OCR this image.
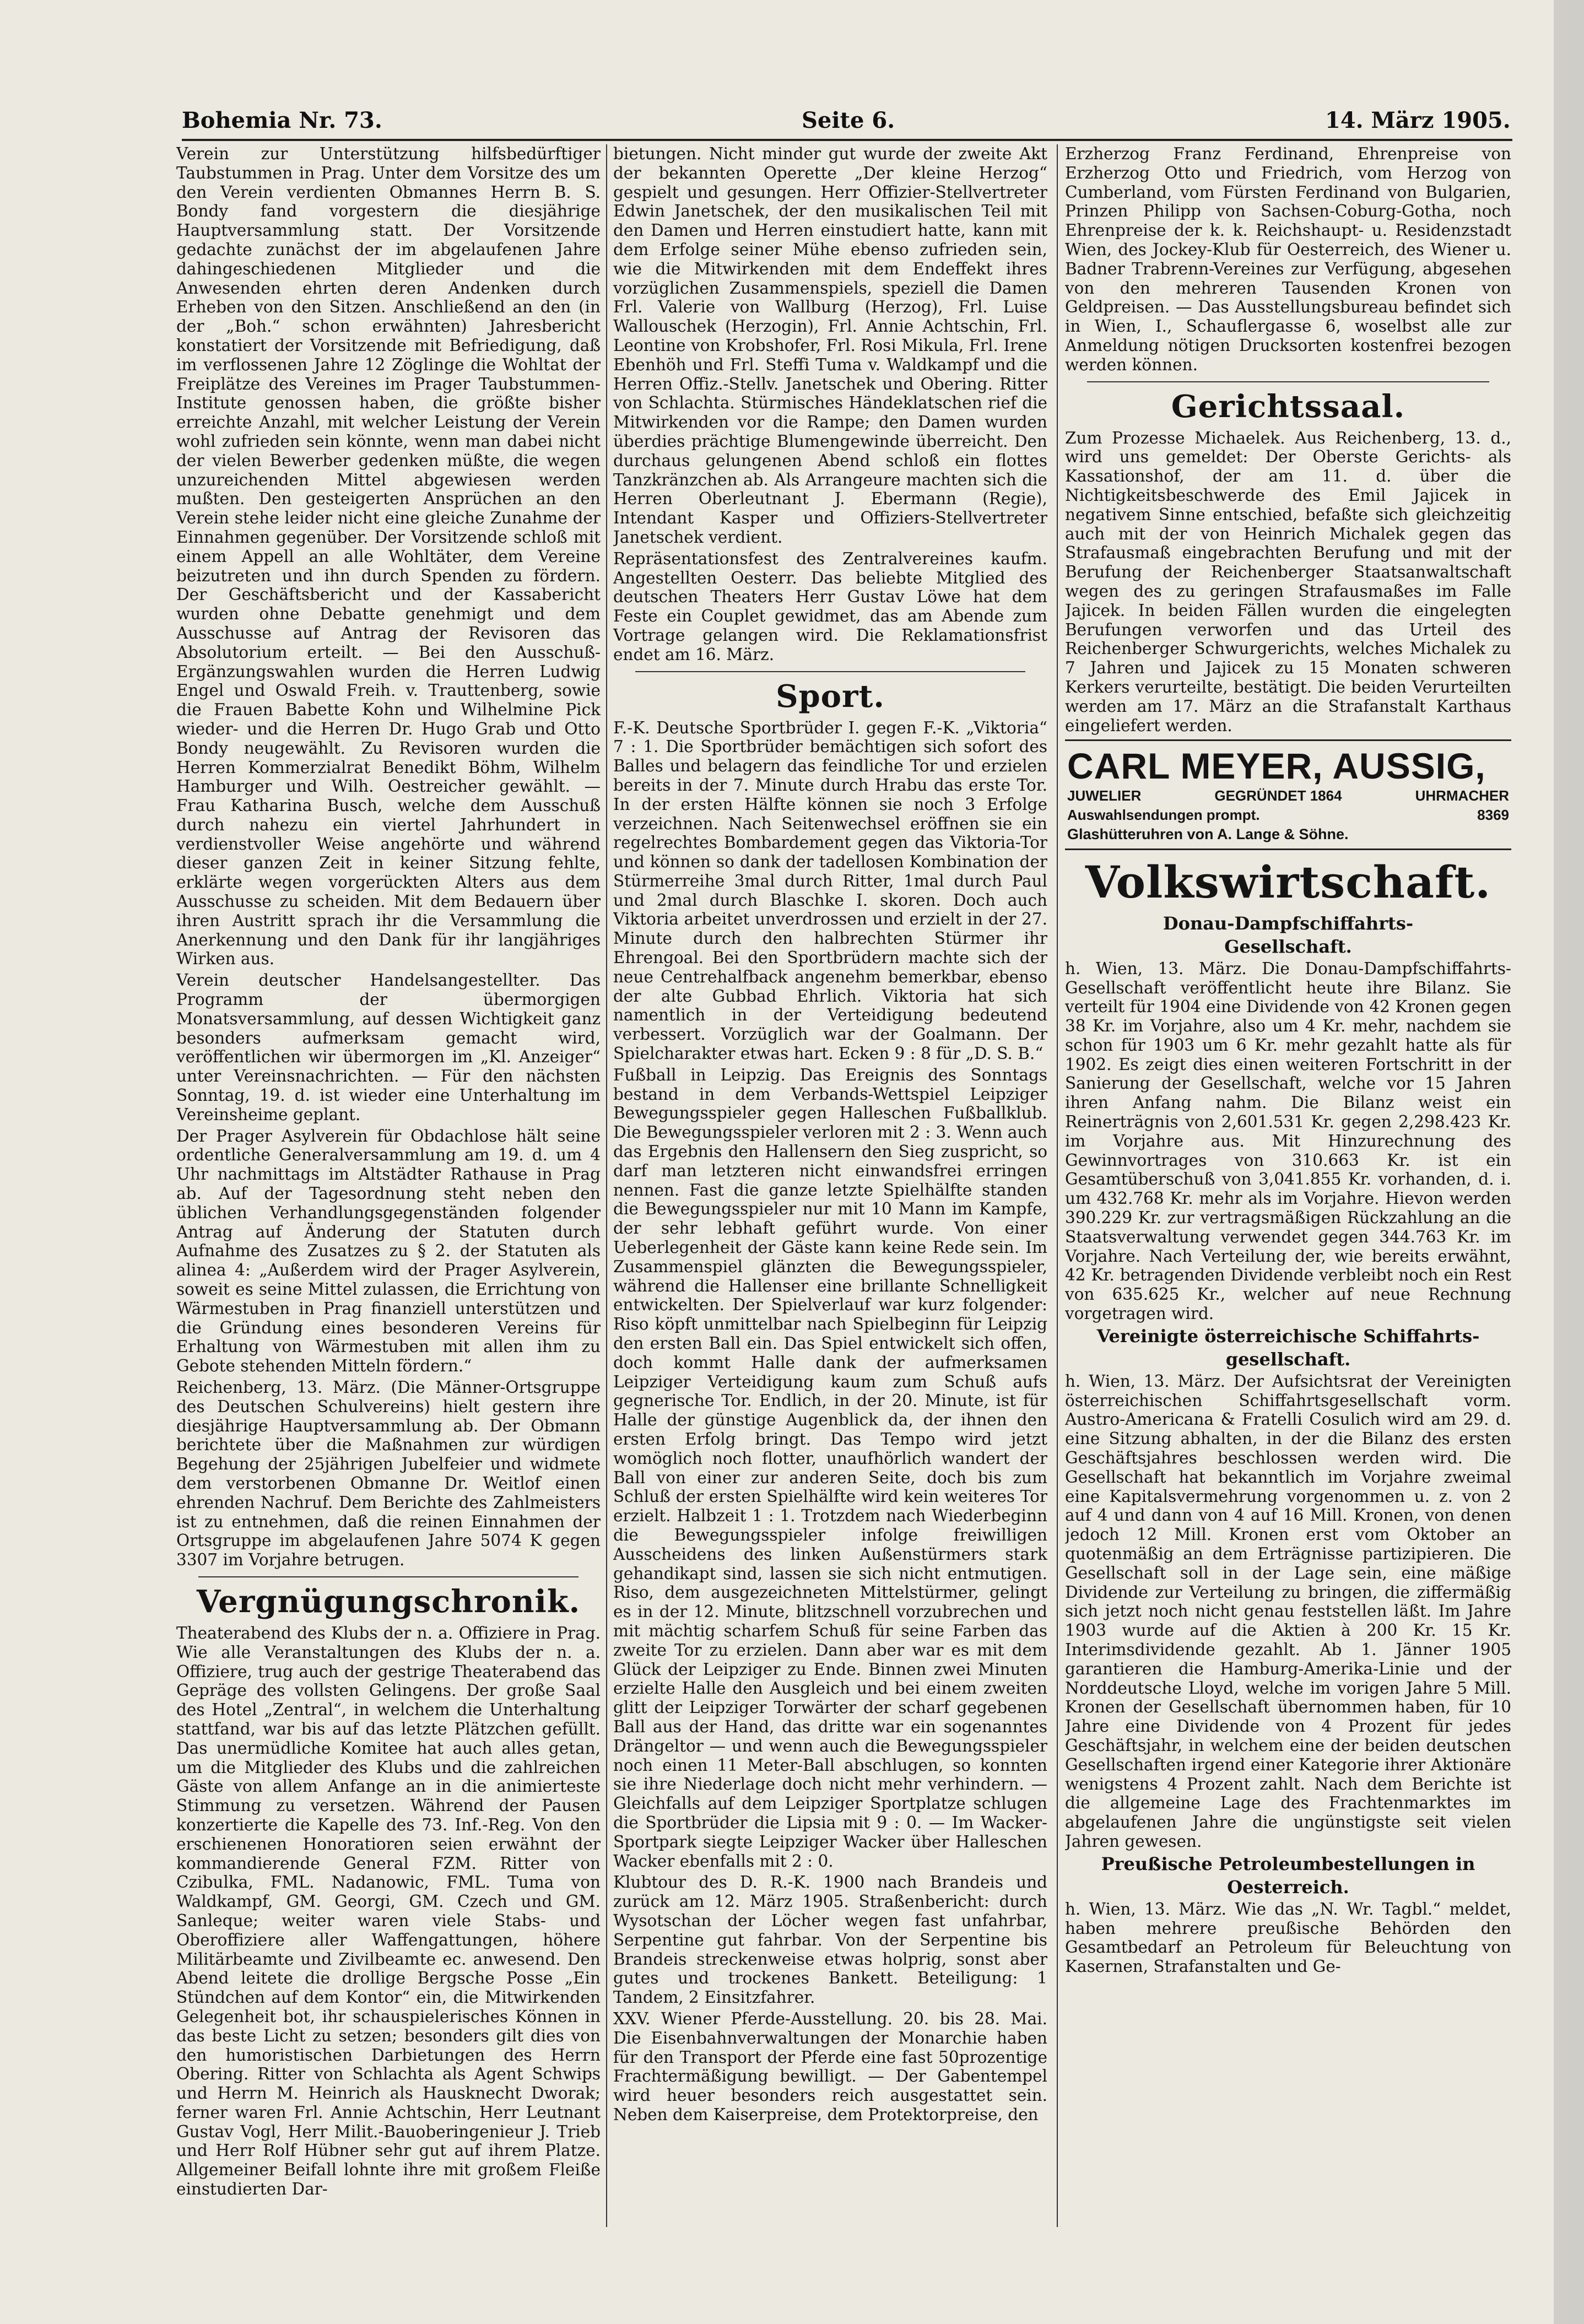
Bohemia Nr. 73.	Seite 6.	14. März 1905.

Verein zur Unterstützung hilfsbedürftiger Taubstummen in Prag. Unter dem Vorsitze des um den Verein verdienten Obmannes Herrn B. S. Bondy fand vorgestern die diesjährige Hauptversammlung statt. Der Vorsitzende gedachte zunächst der im abgelaufenen Jahre dahingeschiedenen Mitglieder und die Anwesenden ehrten deren Andenken durch Erheben von den Sitzen. Anschließend an den (in der „Boh.“ schon erwähnten) Jahresbericht konstatiert der Vorsitzende mit Befriedigung, daß im verflossenen Jahre 12 Zöglinge die Wohltat der Freiplätze des Vereines im Prager Taubstummen-Institute genossen haben, die größte bisher erreichte Anzahl, mit welcher Leistung der Verein wohl zufrieden sein könnte, wenn man dabei nicht der vielen Bewerber gedenken müßte, die wegen unzureichenden Mittel abgewiesen werden mußten. Den gesteigerten Ansprüchen an den Verein stehe leider nicht eine gleiche Zunahme der Einnahmen gegenüber. Der Vorsitzende schloß mit einem Appell an alle Wohltäter, dem Vereine beizutreten und ihn durch Spenden zu fördern. Der Geschäftsbericht und der Kassabericht wurden ohne Debatte genehmigt und dem Ausschusse auf Antrag der Revisoren das Absolutorium erteilt. — Bei den Ausschuß-Ergänzungswahlen wurden die Herren Ludwig Engel und Oswald Freih. v. Trauttenberg, sowie die Frauen Babette Kohn und Wilhelmine Pick wieder- und die Herren Dr. Hugo Grab und Otto Bondy neugewählt. Zu Revisoren wurden die Herren Kommerzialrat Benedikt Böhm, Wilhelm Hamburger und Wilh. Oestreicher gewählt. — Frau Katharina Busch, welche dem Ausschuß durch nahezu ein viertel Jahrhundert in verdienstvoller Weise angehörte und während dieser ganzen Zeit in keiner Sitzung fehlte, erklärte wegen vorgerückten Alters aus dem Ausschusse zu scheiden. Mit dem Bedauern über ihren Austritt sprach ihr die Versammlung die Anerkennung und den Dank für ihr langjähriges Wirken aus.

Verein deutscher Handelsangestellter. Das Programm der übermorgigen Monatsversammlung, auf dessen Wichtigkeit ganz besonders aufmerksam gemacht wird, veröffentlichen wir übermorgen im „Kl. Anzeiger“ unter Vereinsnachrichten. — Für den nächsten Sonntag, 19. d. ist wieder eine Unterhaltung im Vereinsheime geplant.

Der Prager Asylverein für Obdachlose hält seine ordentliche Generalversammlung am 19. d. um 4 Uhr nachmittags im Altstädter Rathause in Prag ab. Auf der Tagesordnung steht neben den üblichen Verhandlungsgegenständen folgender Antrag auf Änderung der Statuten durch Aufnahme des Zusatzes zu § 2. der Statuten als alinea 4: „Außerdem wird der Prager Asylverein, soweit es seine Mittel zulassen, die Errichtung von Wärmestuben in Prag finanziell unterstützen und die Gründung eines besonderen Vereins für Erhaltung von Wärmestuben mit allen ihm zu Gebote stehenden Mitteln fördern.“

Reichenberg, 13. März. (Die Männer-Ortsgruppe des Deutschen Schulvereins) hielt gestern ihre diesjährige Hauptversammlung ab. Der Obmann berichtete über die Maßnahmen zur würdigen Begehung der 25jährigen Jubelfeier und widmete dem verstorbenen Obmanne Dr. Weitlof einen ehrenden Nachruf. Dem Berichte des Zahlmeisters ist zu entnehmen, daß die reinen Einnahmen der Ortsgruppe im abgelaufenen Jahre 5074 K gegen 3307 im Vorjahre betrugen.

Vergnügungschronik.

Theaterabend des Klubs der n. a. Offiziere in Prag. Wie alle Veranstaltungen des Klubs der n. a. Offiziere, trug auch der gestrige Theaterabend das Gepräge des vollsten Gelingens. Der große Saal des Hotel „Zentral“, in welchem die Unterhaltung stattfand, war bis auf das letzte Plätzchen gefüllt. Das unermüdliche Komitee hat auch alles getan, um die Mitglieder des Klubs und die zahlreichen Gäste von allem Anfange an in die animierteste Stimmung zu versetzen. Während der Pausen konzertierte die Kapelle des 73. Inf.-Reg. Von den erschienenen Honoratioren seien erwähnt der kommandierende General FZM. Ritter von Czibulka, FML. Nadanowic, FML. Tuma von Waldkampf, GM. Georgi, GM. Czech und GM. Sanleque; weiter waren viele Stabs- und Oberoffiziere aller Waffengattungen, höhere Militärbeamte und Zivilbeamte ec. anwesend. Den Abend leitete die drollige Bergsche Posse „Ein Stündchen auf dem Kontor“ ein, die Mitwirkenden Gelegenheit bot, ihr schauspielerisches Können in das beste Licht zu setzen; besonders gilt dies von den humoristischen Darbietungen des Herrn Obering. Ritter von Schlachta als Agent Schwips und Herrn M. Heinrich als Hausknecht Dworak; ferner waren Frl. Annie Achtschin, Herr Leutnant Gustav Vogl, Herr Milit.-Bauoberingenieur J. Trieb und Herr Rolf Hübner sehr gut auf ihrem Platze. Allgemeiner Beifall lohnte ihre mit großem Fleiße einstudierten Dar-

bietungen. Nicht minder gut wurde der zweite Akt der bekannten Operette „Der kleine Herzog“ gespielt und gesungen. Herr Offizier-Stellvertreter Edwin Janetschek, der den musikalischen Teil mit den Damen und Herren einstudiert hatte, kann mit dem Erfolge seiner Mühe ebenso zufrieden sein, wie die Mitwirkenden mit dem Endeffekt ihres vorzüglichen Zusammenspiels, speziell die Damen Frl. Valerie von Wallburg (Herzog), Frl. Luise Wallouschek (Herzogin), Frl. Annie Achtschin, Frl. Leontine von Krobshofer, Frl. Rosi Mikula, Frl. Irene Ebenhöh und Frl. Steffi Tuma v. Waldkampf und die Herren Offiz.-Stellv. Janetschek und Obering. Ritter von Schlachta. Stürmisches Händeklatschen rief die Mitwirkenden vor die Rampe; den Damen wurden überdies prächtige Blumengewinde überreicht. Den durchaus gelungenen Abend schloß ein flottes Tanzkränzchen ab. Als Arrangeure machten sich die Herren Oberleutnant J. Ebermann (Regie), Intendant Kasper und Offiziers-Stellvertreter Janetschek verdient.

Repräsentationsfest des Zentralvereines kaufm. Angestellten Oesterr. Das beliebte Mitglied des deutschen Theaters Herr Gustav Löwe hat dem Feste ein Couplet gewidmet, das am Abende zum Vortrage gelangen wird. Die Reklamationsfrist endet am 16. März.

Sport.

F.-K. Deutsche Sportbrüder I. gegen F.-K. „Viktoria“ 7 : 1. Die Sportbrüder bemächtigen sich sofort des Balles und belagern das feindliche Tor und erzielen bereits in der 7. Minute durch Hrabu das erste Tor. In der ersten Hälfte können sie noch 3 Erfolge verzeichnen. Nach Seitenwechsel eröffnen sie ein regelrechtes Bombardement gegen das Viktoria-Tor und können so dank der tadellosen Kombination der Stürmerreihe 3mal durch Ritter, 1mal durch Paul und 2mal durch Blaschke I. skoren. Doch auch Viktoria arbeitet unverdrossen und erzielt in der 27. Minute durch den halbrechten Stürmer ihr Ehrengoal. Bei den Sportbrüdern machte sich der neue Centrehalfback angenehm bemerkbar, ebenso der alte Gubbad Ehrlich. Viktoria hat sich namentlich in der Verteidigung bedeutend verbessert. Vorzüglich war der Goalmann. Der Spielcharakter etwas hart. Ecken 9 : 8 für „D. S. B.“

Fußball in Leipzig. Das Ereignis des Sonntags bestand in dem Verbands-Wettspiel Leipziger Bewegungsspieler gegen Halleschen Fußballklub. Die Bewegungsspieler verloren mit 2 : 3. Wenn auch das Ergebnis den Hallensern den Sieg zuspricht, so darf man letzteren nicht einwandsfrei erringen nennen. Fast die ganze letzte Spielhälfte standen die Bewegungsspieler nur mit 10 Mann im Kampfe, der sehr lebhaft geführt wurde. Von einer Ueberlegenheit der Gäste kann keine Rede sein. Im Zusammenspiel glänzten die Bewegungsspieler, während die Hallenser eine brillante Schnelligkeit entwickelten. Der Spielverlauf war kurz folgender: Riso köpft unmittelbar nach Spielbeginn für Leipzig den ersten Ball ein. Das Spiel entwickelt sich offen, doch kommt Halle dank der aufmerksamen Leipziger Verteidigung kaum zum Schuß aufs gegnerische Tor. Endlich, in der 20. Minute, ist für Halle der günstige Augenblick da, der ihnen den ersten Erfolg bringt. Das Tempo wird jetzt womöglich noch flotter, unaufhörlich wandert der Ball von einer zur anderen Seite, doch bis zum Schluß der ersten Spielhälfte wird kein weiteres Tor erzielt. Halbzeit 1 : 1. Trotzdem nach Wiederbeginn die Bewegungsspieler infolge freiwilligen Ausscheidens des linken Außenstürmers stark gehandikapt sind, lassen sie sich nicht entmutigen. Riso, dem ausgezeichneten Mittelstürmer, gelingt es in der 12. Minute, blitzschnell vorzubrechen und mit mächtig scharfem Schuß für seine Farben das zweite Tor zu erzielen. Dann aber war es mit dem Glück der Leipziger zu Ende. Binnen zwei Minuten erzielte Halle den Ausgleich und bei einem zweiten glitt der Leipziger Torwärter der scharf gegebenen Ball aus der Hand, das dritte war ein sogenanntes Drängeltor — und wenn auch die Bewegungsspieler noch einen 11 Meter-Ball abschlugen, so konnten sie ihre Niederlage doch nicht mehr verhindern. — Gleichfalls auf dem Leipziger Sportplatze schlugen die Sportbrüder die Lipsia mit 9 : 0. — Im Wacker-Sportpark siegte Leipziger Wacker über Halleschen Wacker ebenfalls mit 2 : 0.

Klubtour des D. R.-K. 1900 nach Brandeis und zurück am 12. März 1905. Straßenbericht: durch Wysotschan der Löcher wegen fast unfahrbar, Serpentine gut fahrbar. Von der Serpentine bis Brandeis streckenweise etwas holprig, sonst aber gutes und trockenes Bankett. Beteiligung: 1 Tandem, 2 Einsitzfahrer.

XXV. Wiener Pferde-Ausstellung. 20. bis 28. Mai. Die Eisenbahnverwaltungen der Monarchie haben für den Transport der Pferde eine fast 50prozentige Frachtermäßigung bewilligt. — Der Gabentempel wird heuer besonders reich ausgestattet sein. Neben dem Kaiserpreise, dem Protektorpreise, den

Erzherzog Franz Ferdinand, Ehrenpreise von Erzherzog Otto und Friedrich, vom Herzog von Cumberland, vom Fürsten Ferdinand von Bulgarien, Prinzen Philipp von Sachsen-Coburg-Gotha, noch Ehrenpreise der k. k. Reichshaupt- u. Residenzstadt Wien, des Jockey-Klub für Oesterreich, des Wiener u. Badner Trabrenn-Vereines zur Verfügung, abgesehen von den mehreren Tausenden Kronen von Geldpreisen. — Das Ausstellungsbureau befindet sich in Wien, I., Schauflergasse 6, woselbst alle zur Anmeldung nötigen Drucksorten kostenfrei bezogen werden können.

Gerichtssaal.

Zum Prozesse Michaelek. Aus Reichenberg, 13. d., wird uns gemeldet: Der Oberste Gerichts- als Kassationshof, der am 11. d. über die Nichtigkeitsbeschwerde des Emil Jajicek in negativem Sinne entschied, befaßte sich gleichzeitig auch mit der von Heinrich Michalek gegen das Strafausmaß eingebrachten Berufung und mit der Berufung der Reichenberger Staatsanwaltschaft wegen des zu geringen Strafausmaßes im Falle Jajicek. In beiden Fällen wurden die eingelegten Berufungen verworfen und das Urteil des Reichenberger Schwurgerichts, welches Michalek zu 7 Jahren und Jajicek zu 15 Monaten schweren Kerkers verurteilte, bestätigt. Die beiden Verurteilten werden am 17. März an die Strafanstalt Karthaus eingeliefert werden.

CARL MEYER, AUSSIG,
JUWELIER	GEGRÜNDET 1864	UHRMACHER
Auswahlsendungen prompt.	8369
Glashütteruhren von A. Lange & Söhne.
Volkswirtschaft.
Donau-Dampfschiffahrts-
Gesellschaft.

h. Wien, 13. März. Die Donau-Dampfschiffahrts-Gesellschaft veröffentlicht heute ihre Bilanz. Sie verteilt für 1904 eine Dividende von 42 Kronen gegen 38 Kr. im Vorjahre, also um 4 Kr. mehr, nachdem sie schon für 1903 um 6 Kr. mehr gezahlt hatte als für 1902. Es zeigt dies einen weiteren Fortschritt in der Sanierung der Gesellschaft, welche vor 15 Jahren ihren Anfang nahm. Die Bilanz weist ein Reinerträgnis von 2,601.531 Kr. gegen 2,298.423 Kr. im Vorjahre aus. Mit Hinzurechnung des Gewinnvortrages von 310.663 Kr. ist ein Gesamtüberschuß von 3,041.855 Kr. vorhanden, d. i. um 432.768 Kr. mehr als im Vorjahre. Hievon werden 390.229 Kr. zur vertragsmäßigen Rückzahlung an die Staatsverwaltung verwendet gegen 344.763 Kr. im Vorjahre. Nach Verteilung der, wie bereits erwähnt, 42 Kr. betragenden Dividende verbleibt noch ein Rest von 635.625 Kr., welcher auf neue Rechnung vorgetragen wird.

Vereinigte österreichische Schiffahrts-
gesellschaft.

h. Wien, 13. März. Der Aufsichtsrat der Vereinigten österreichischen Schiffahrtsgesellschaft vorm. Austro-Americana & Fratelli Cosulich wird am 29. d. eine Sitzung abhalten, in der die Bilanz des ersten Geschäftsjahres beschlossen werden wird. Die Gesellschaft hat bekanntlich im Vorjahre zweimal eine Kapitalsvermehrung vorgenommen u. z. von 2 auf 4 und dann von 4 auf 16 Mill. Kronen, von denen jedoch 12 Mill. Kronen erst vom Oktober an quotenmäßig an dem Erträgnisse partizipieren. Die Gesellschaft soll in der Lage sein, eine mäßige Dividende zur Verteilung zu bringen, die ziffermäßig sich jetzt noch nicht genau feststellen läßt. Im Jahre 1903 wurde auf die Aktien à 200 Kr. 15 Kr. Interimsdividende gezahlt. Ab 1. Jänner 1905 garantieren die Hamburg-Amerika-Linie und der Norddeutsche Lloyd, welche im vorigen Jahre 5 Mill. Kronen der Gesellschaft übernommen haben, für 10 Jahre eine Dividende von 4 Prozent für jedes Geschäftsjahr, in welchem eine der beiden deutschen Gesellschaften irgend einer Kategorie ihrer Aktionäre wenigstens 4 Prozent zahlt. Nach dem Berichte ist die allgemeine Lage des Frachtenmarktes im abgelaufenen Jahre die ungünstigste seit vielen Jahren gewesen.

Preußische Petroleumbestellungen in
Oesterreich.

h. Wien, 13. März. Wie das „N. Wr. Tagbl.“ meldet, haben mehrere preußische Behörden den Gesamtbedarf an Petroleum für Beleuchtung von Kasernen, Strafanstalten und Ge-
